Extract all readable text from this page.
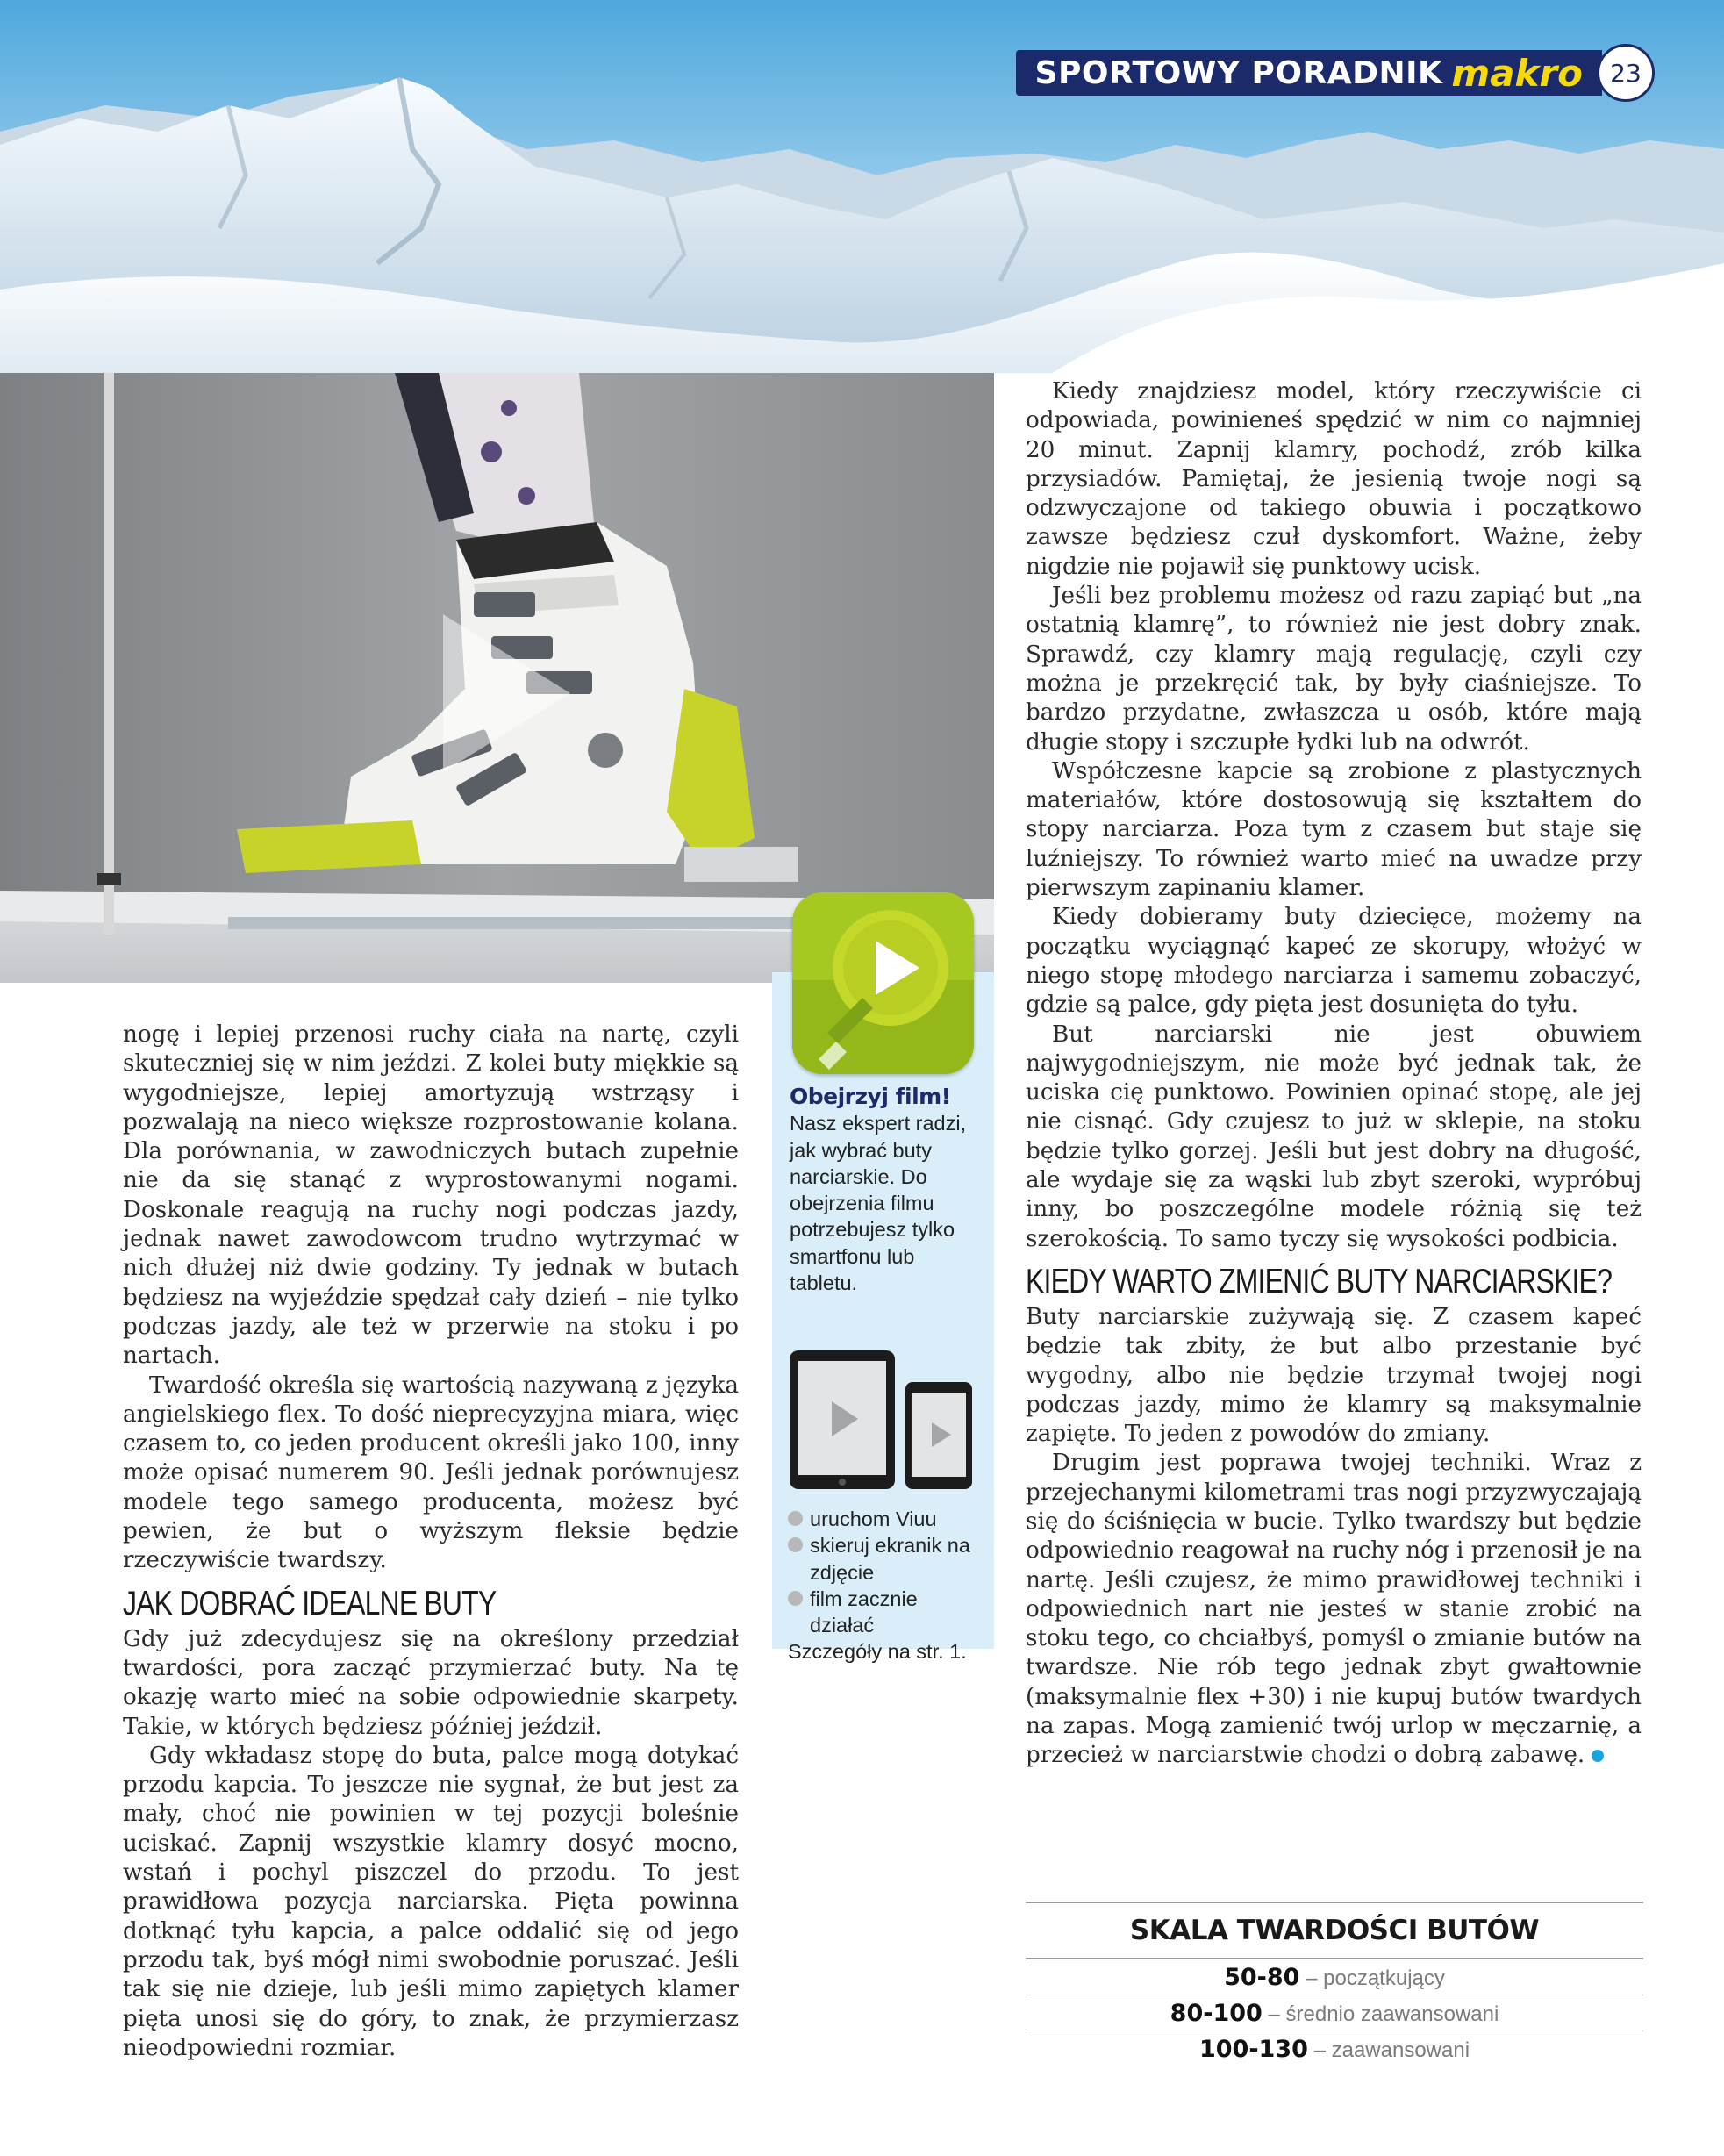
SPORTOWY PORADNIK makro	23

nogę i lepiej przenosi ruchy ciała na nartę, czyli skuteczniej się w nim jeździ. Z kolei buty miękkie są wygodniejsze, lepiej amortyzują wstrząsy i pozwalają na nieco większe rozprostowanie kolana. Dla porównania, w zawodniczych butach zupełnie nie da się stanąć z wyprostowanymi nogami. Doskonale reagują na ruchy nogi podczas jazdy, jednak nawet zawodowcom trudno wytrzymać w nich dłużej niż dwie godziny. Ty jednak w butach będziesz na wyjeździe spędzał cały dzień – nie tylko podczas jazdy, ale też w przerwie na stoku i po nartach.

Twardość określa się wartością nazywaną z języka angielskiego flex. To dość nieprecyzyjna miara, więc czasem to, co jeden producent określi jako 100, inny może opisać numerem 90. Jeśli jednak porównujesz modele tego samego producenta, możesz być pewien, że but o wyższym fleksie będzie rzeczywiście twardszy.

JAK DOBRAĆ IDEALNE BUTY

Gdy już zdecydujesz się na określony przedział twardości, pora zacząć przymierzać buty. Na tę okazję warto mieć na sobie odpowiednie skarpety. Takie, w których będziesz później jeździł.

Gdy wkładasz stopę do buta, palce mogą dotykać przodu kapcia. To jeszcze nie sygnał, że but jest za mały, choć nie powinien w tej pozycji boleśnie uciskać. Zapnij wszystkie klamry dosyć mocno, wstań i pochyl piszczel do przodu. To jest prawidłowa pozycja narciarska. Pięta powinna dotknąć tyłu kapcia, a palce oddalić się od jego przodu tak, byś mógł nimi swobodnie poruszać. Jeśli tak się nie dzieje, lub jeśli mimo zapiętych klamer pięta unosi się do góry, to znak, że przymierzasz nieodpowiedni rozmiar.

Obejrzyj film!
Nasz ekspert radzi, jak wybrać buty narciarskie. Do obejrzenia filmu potrzebujesz tylko smartfonu lub tabletu.
uruchom Viuu
skieruj ekranik na zdjęcie
film zacznie działać
Szczegóły na str. 1.

Kiedy znajdziesz model, który rzeczywiście ci odpowiada, powinieneś spędzić w nim co najmniej 20 minut. Zapnij klamry, pochodź, zrób kilka przysiadów. Pamiętaj, że jesienią twoje nogi są odzwyczajone od takiego obuwia i początkowo zawsze będziesz czuł dyskomfort. Ważne, żeby nigdzie nie pojawił się punktowy ucisk.

Jeśli bez problemu możesz od razu zapiąć but „na ostatnią klamrę”, to również nie jest dobry znak. Sprawdź, czy klamry mają regulację, czyli czy można je przekręcić tak, by były ciaśniejsze. To bardzo przydatne, zwłaszcza u osób, które mają długie stopy i szczupłe łydki lub na odwrót.

Współczesne kapcie są zrobione z plastycznych materiałów, które dostosowują się kształtem do stopy narciarza. Poza tym z czasem but staje się luźniejszy. To również warto mieć na uwadze przy pierwszym zapinaniu klamer.

Kiedy dobieramy buty dziecięce, możemy na początku wyciągnąć kapeć ze skorupy, włożyć w niego stopę młodego narciarza i samemu zobaczyć, gdzie są palce, gdy pięta jest dosunięta do tyłu.

But narciarski nie jest obuwiem najwygodniejszym, nie może być jednak tak, że uciska cię punktowo. Powinien opinać stopę, ale jej nie cisnąć. Gdy czujesz to już w sklepie, na stoku będzie tylko gorzej. Jeśli but jest dobry na długość, ale wydaje się za wąski lub zbyt szeroki, wypróbuj inny, bo poszczególne modele różnią się też szerokością. To samo tyczy się wysokości podbicia.

KIEDY WARTO ZMIENIĆ BUTY NARCIARSKIE?

Buty narciarskie zużywają się. Z czasem kapeć będzie tak zbity, że but albo przestanie być wygodny, albo nie będzie trzymał twojej nogi podczas jazdy, mimo że klamry są maksymalnie zapięte. To jeden z powodów do zmiany.

Drugim jest poprawa twojej techniki. Wraz z przejechanymi kilometrami tras nogi przyzwyczajają się do ściśnięcia w bucie. Tylko twardszy but będzie odpowiednio reagował na ruchy nóg i przenosił je na nartę. Jeśli czujesz, że mimo prawidłowej techniki i odpowiednich nart nie jesteś w stanie zrobić na stoku tego, co chciałbyś, pomyśl o zmianie butów na twardsze. Nie rób tego jednak zbyt gwałtownie (maksymalnie flex +30) i nie kupuj butów twardych na zapas. Mogą zamienić twój urlop w męczarnię, a przecież w narciarstwie chodzi o dobrą zabawę.

SKALA TWARDOŚCI BUTÓW
50-80 – początkujący
80-100 – średnio zaawansowani
100-130 – zaawansowani
